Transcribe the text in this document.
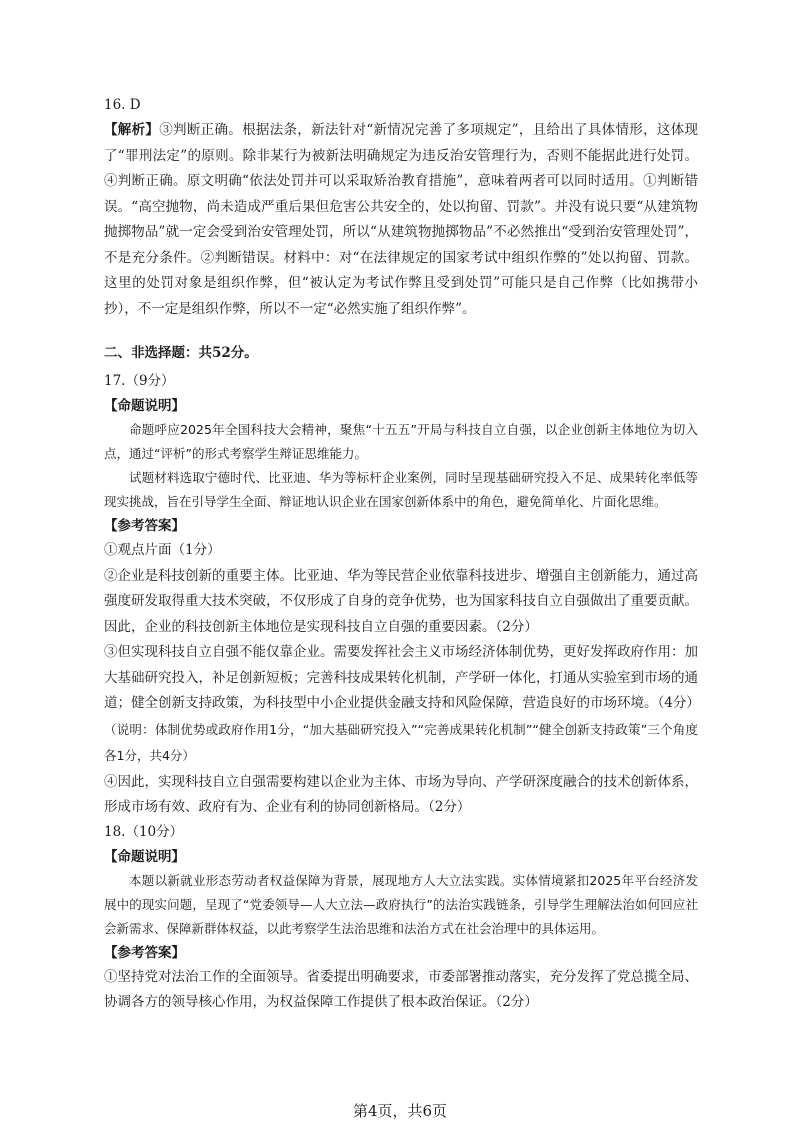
16. D

【解析】③判断正确。根据法条，新法针对“新情况完善了多项规定”，且给出了具体情形，这体现了“罪刑法定”的原则。除非某行为被新法明确规定为违反治安管理行为，否则不能据此进行处罚。④判断正确。原文明确“依法处罚并可以采取矫治教育措施”，意味着两者可以同时适用。①判断错误。“高空抛物，尚未造成严重后果但危害公共安全的，处以拘留、罚款”。并没有说只要“从建筑物抛掷物品”就一定会受到治安管理处罚，所以“从建筑物抛掷物品”不必然推出“受到治安管理处罚”，不是充分条件。②判断错误。材料中：对“在法律规定的国家考试中组织作弊的”处以拘留、罚款。这里的处罚对象是组织作弊，但“被认定为考试作弊且受到处罚”可能只是自己作弊（比如携带小抄），不一定是组织作弊，所以不一定“必然实施了组织作弊”。

二、非选择题：共52分。

17.（9分）

【命题说明】

命题呼应2025年全国科技大会精神，聚焦“十五五”开局与科技自立自强，以企业创新主体地位为切入点，通过“评析”的形式考察学生辩证思维能力。

试题材料选取宁德时代、比亚迪、华为等标杆企业案例，同时呈现基础研究投入不足、成果转化率低等现实挑战，旨在引导学生全面、辩证地认识企业在国家创新体系中的角色，避免简单化、片面化思维。

【参考答案】

①观点片面（1分）

②企业是科技创新的重要主体。比亚迪、华为等民营企业依靠科技进步、增强自主创新能力，通过高强度研发取得重大技术突破，不仅形成了自身的竞争优势，也为国家科技自立自强做出了重要贡献。因此，企业的科技创新主体地位是实现科技自立自强的重要因素。（2分）

③但实现科技自立自强不能仅靠企业。需要发挥社会主义市场经济体制优势，更好发挥政府作用：加大基础研究投入，补足创新短板；完善科技成果转化机制，产学研一体化，打通从实验室到市场的通道；健全创新支持政策，为科技型中小企业提供金融支持和风险保障，营造良好的市场环境。（4分）（说明：体制优势或政府作用1分，“加大基础研究投入”“完善成果转化机制”“健全创新支持政策”三个角度各1分，共4分）

④因此，实现科技自立自强需要构建以企业为主体、市场为导向、产学研深度融合的技术创新体系，形成市场有效、政府有为、企业有利的协同创新格局。（2分）

18.（10分）

【命题说明】

本题以新就业形态劳动者权益保障为背景，展现地方人大立法实践。实体情境紧扣2025年平台经济发展中的现实问题，呈现了“党委领导—人大立法—政府执行”的法治实践链条，引导学生理解法治如何回应社会新需求、保障新群体权益，以此考察学生法治思维和法治方式在社会治理中的具体运用。

【参考答案】

①坚持党对法治工作的全面领导。省委提出明确要求，市委部署推动落实，充分发挥了党总揽全局、协调各方的领导核心作用，为权益保障工作提供了根本政治保证。（2分）

第4页，共6页
